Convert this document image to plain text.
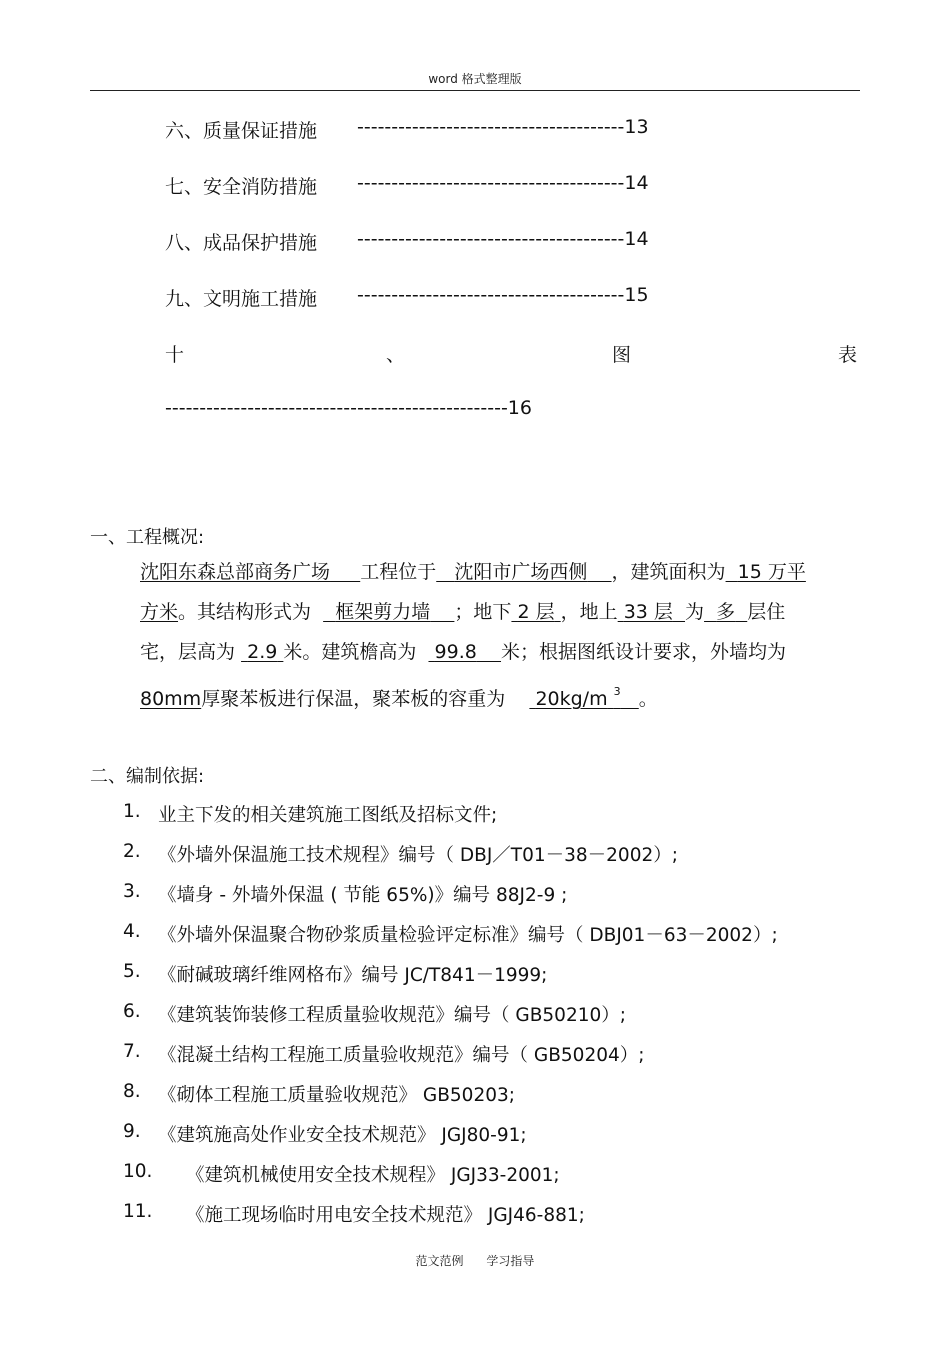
word 格式整理版
六、质量保证措施 ---------------------------------------13
七、安全消防措施 ---------------------------------------14
八、成品保护措施 ---------------------------------------14
九、文明施工措施 ---------------------------------------15
十	、	图	表
--------------------------------------------------16
一、工程概况:
沈阳东森总部商务广场 工程位于 沈阳市广场西侧 ，建筑面积为 15 万平
方米。其结构形式为 框架剪力墙 ；地下 2 层 ，地上 33 层 为 多 层住
宅，层高为 2.9 米。建筑檐高为 99.8 米；根据图纸设计要求，外墙均为
80mm厚聚苯板进行保温，聚苯板的容重为 20kg/m $^3$ 。
二、编制依据:
1. 业主下发的相关建筑施工图纸及招标文件;
2. 《外墙外保温施工技术规程》编号（ DBJ／T01－38－2002）;
3. 《墙身 - 外墙外保温 ( 节能 65%)》编号 88J2-9 ;
4. 《外墙外保温聚合物砂浆质量检验评定标准》编号（ DBJ01－63－2002）;
5. 《耐碱玻璃纤维网格布》编号 JC/T841－1999;
6. 《建筑装饰装修工程质量验收规范》编号（ GB50210）;
7. 《混凝土结构工程施工质量验收规范》编号（ GB50204）;
8. 《砌体工程施工质量验收规范》 GB50203;
9. 《建筑施高处作业安全技术规范》 JGJ80-91;
10. 《建筑机械使用安全技术规程》 JGJ33-2001;
11. 《施工现场临时用电安全技术规范》 JGJ46-881;
范文范例      学习指导
